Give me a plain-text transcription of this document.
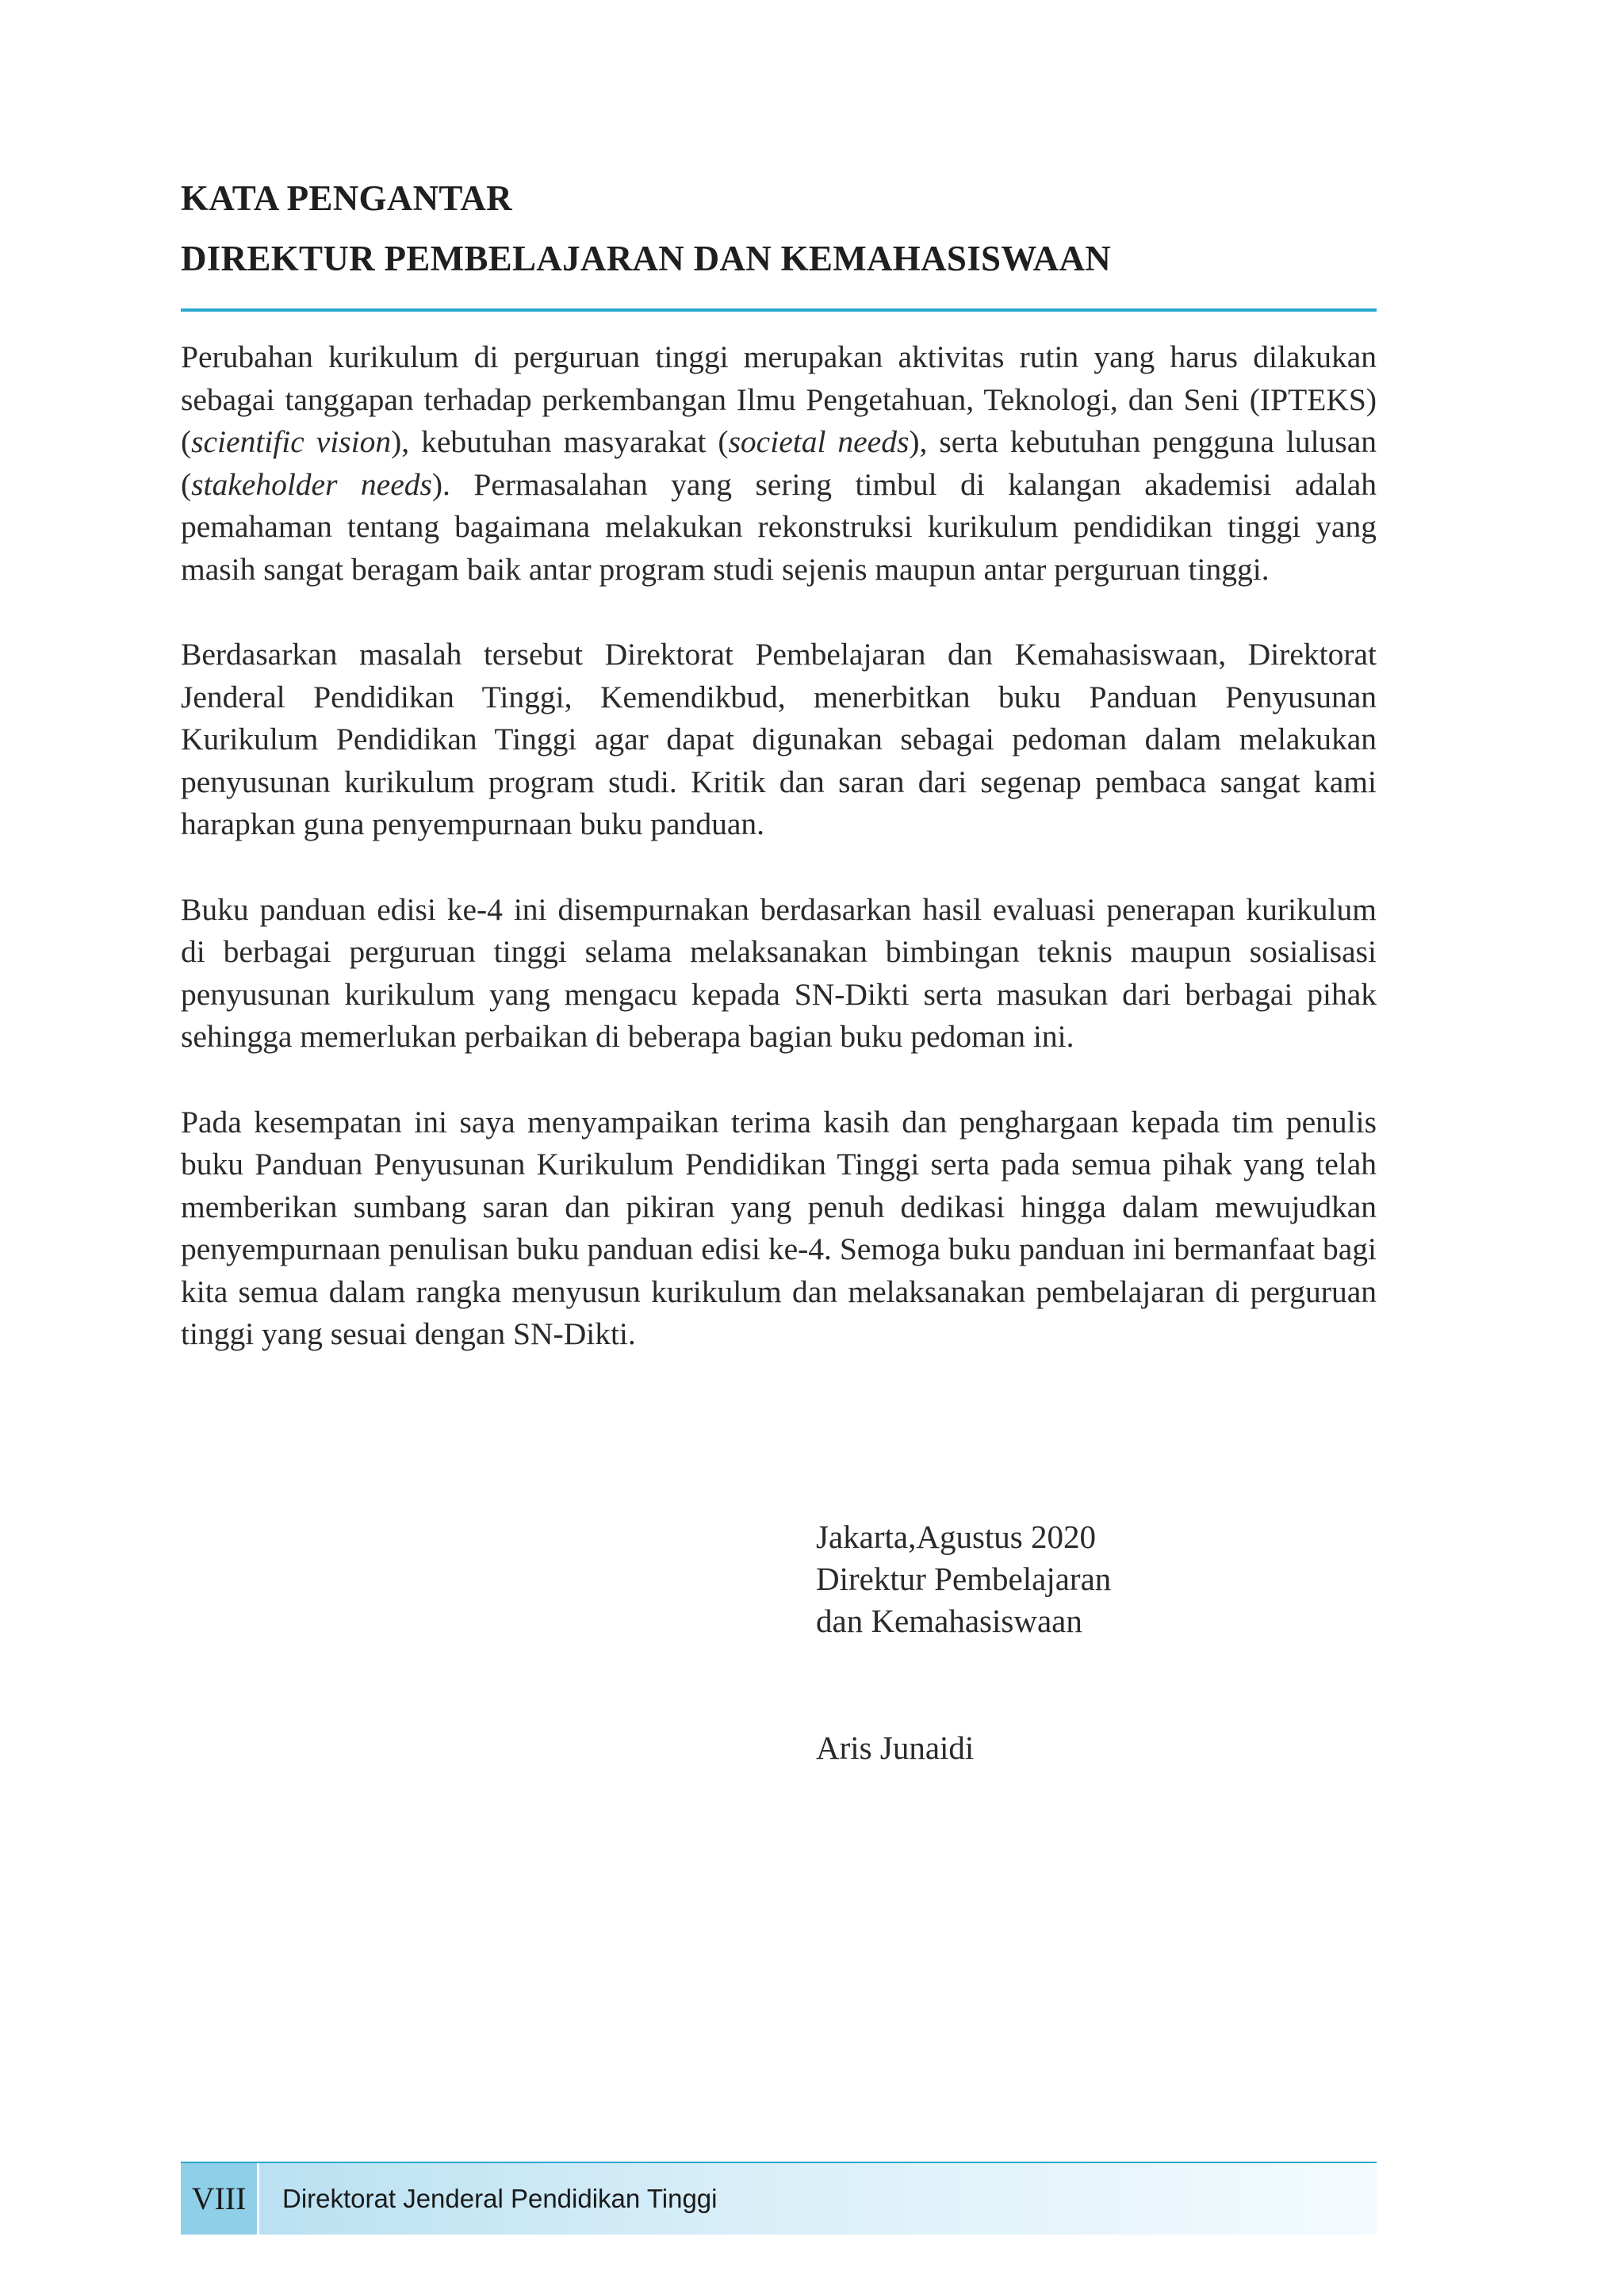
KATA PENGANTAR
DIREKTUR PEMBELAJARAN DAN KEMAHASISWAAN

Perubahan kurikulum di perguruan tinggi merupakan aktivitas rutin yang harus dilakukan sebagai tanggapan terhadap perkembangan Ilmu Pengetahuan, Teknologi, dan Seni (IPTEKS) (scientific vision), kebutuhan masyarakat (societal needs), serta kebutuhan pengguna lulusan (stakeholder needs). Permasalahan yang sering timbul di kalangan akademisi adalah pemahaman tentang bagaimana melakukan rekonstruksi kurikulum pendidikan tinggi yang masih sangat beragam baik antar program studi sejenis maupun antar perguruan tinggi.

Berdasarkan masalah tersebut Direktorat Pembelajaran dan Kemahasiswaan, Direktorat Jenderal Pendidikan Tinggi, Kemendikbud, menerbitkan buku Panduan Penyusunan Kurikulum Pendidikan Tinggi agar dapat digunakan sebagai pedoman dalam melakukan penyusunan kurikulum program studi. Kritik dan saran dari segenap pembaca sangat kami harapkan guna penyempurnaan buku panduan.

Buku panduan edisi ke-4 ini disempurnakan berdasarkan hasil evaluasi penerapan kurikulum di berbagai perguruan tinggi selama melaksanakan bimbingan teknis maupun sosialisasi penyusunan kurikulum yang mengacu kepada SN-Dikti serta masukan dari berbagai pihak sehingga memerlukan perbaikan di beberapa bagian buku pedoman ini.

Pada kesempatan ini saya menyampaikan terima kasih dan penghargaan kepada tim penulis buku Panduan Penyusunan Kurikulum Pendidikan Tinggi serta pada semua pihak yang telah memberikan sumbang saran dan pikiran yang penuh dedikasi hingga dalam mewujudkan penyempurnaan penulisan buku panduan edisi ke-4. Semoga buku panduan ini bermanfaat bagi kita semua dalam rangka menyusun kurikulum dan melaksanakan pembelajaran di perguruan tinggi yang sesuai dengan SN-Dikti.

Jakarta,Agustus 2020
Direktur Pembelajaran
dan Kemahasiswaan
Aris Junaidi
VIII	Direktorat Jenderal Pendidikan Tinggi
